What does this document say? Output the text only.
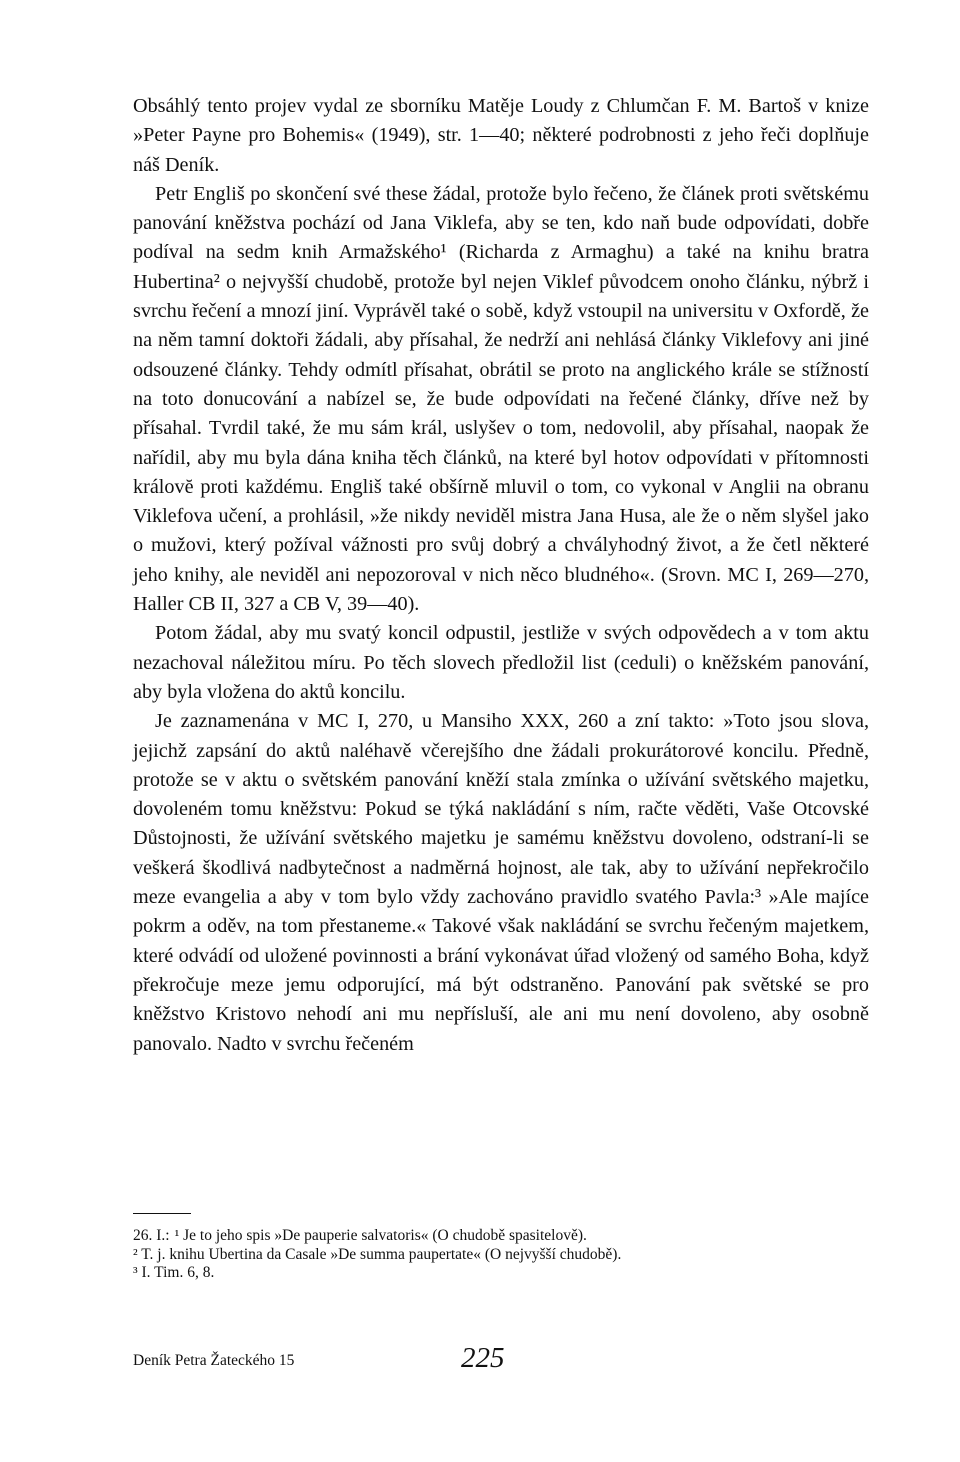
Obsáhlý tento projev vydal ze sborníku Matěje Loudy z Chlumčan F. M. Bartoš v knize »Peter Payne pro Bohemis« (1949), str. 1—40; některé podrobnosti z jeho řeči doplňuje náš Deník.

Petr Engliš po skončení své these žádal, protože bylo řečeno, že článek proti světskému panování kněžstva pochází od Jana Viklefa, aby se ten, kdo naň bude odpovídati, dobře podíval na sedm knih Armažského¹ (Richarda z Armaghu) a také na knihu bratra Hubertina² o nejvyšší chudobě, protože byl nejen Viklef původcem onoho článku, nýbrž i svrchu řečení a mnozí jiní. Vyprávěl také o sobě, když vstoupil na universitu v Oxfordě, že na něm tamní doktoři žádali, aby přísahal, že nedrží ani nehlásá články Viklefovy ani jiné odsouzené články. Tehdy odmítl přísahat, obrátil se proto na anglického krále se stížností na toto donucování a nabízel se, že bude odpovídati na řečené články, dříve než by přísahal. Tvrdil také, že mu sám král, uslyšev o tom, nedovolil, aby přísahal, naopak že nařídil, aby mu byla dána kniha těch článků, na které byl hotov odpovídati v přítomnosti královĕ proti každému. Engliš také obšírně mluvil o tom, co vykonal v Anglii na obranu Viklefova učení, a prohlásil, »že nikdy neviděl mistra Jana Husa, ale že o něm slyšel jako o mužovi, který požíval vážnosti pro svůj dobrý a chvályhodný život, a že četl některé jeho knihy, ale neviděl ani nepozoroval v nich něco bludného«. (Srovn. MC I, 269—270, Haller CB II, 327 a CB V, 39—40).

Potom žádal, aby mu svatý koncil odpustil, jestliže v svých odpovědech a v tom aktu nezachoval náležitou míru. Po těch slovech předložil list (ceduli) o kněžském panování, aby byla vložena do aktů koncilu.

Je zaznamenána v MC I, 270, u Mansiho XXX, 260 a zní takto: »Toto jsou slova, jejichž zapsání do aktů naléhavě včerejšího dne žádali prokurátorové koncilu. Předně, protože se v aktu o světském panování kněží stala zmínka o užívání světského majetku, dovoleném tomu kněžstvu: Pokud se týká nakládání s ním, račte věděti, Vaše Otcovské Důstojnosti, že užívání světského majetku je samému kněžstvu dovoleno, odstraní-li se veškerá škodlivá nadbytečnost a nadměrná hojnost, ale tak, aby to užívání nepřekročilo meze evangelia a aby v tom bylo vždy zachováno pravidlo svatého Pavla:³ »Ale majíce pokrm a oděv, na tom přestaneme.« Takové však nakládání se svrchu řečeným majetkem, které odvádí od uložené povinnosti a brání vykonávat úřad vložený od samého Boha, když překročuje meze jemu odporující, má být odstraněno. Panování pak světské se pro kněžstvo Kristovo nehodí ani mu nepřísluší, ale ani mu není dovoleno, aby osobně panovalo. Nadto v svrchu řečeném

26. I.: ¹ Je to jeho spis »De pauperie salvatoris« (O chudobě spasitelově).

² T. j. knihu Ubertina da Casale »De summa paupertate« (O nejvyšší chudobě).

³ I. Tim. 6, 8.

Deník Petra Žateckého 15	225
